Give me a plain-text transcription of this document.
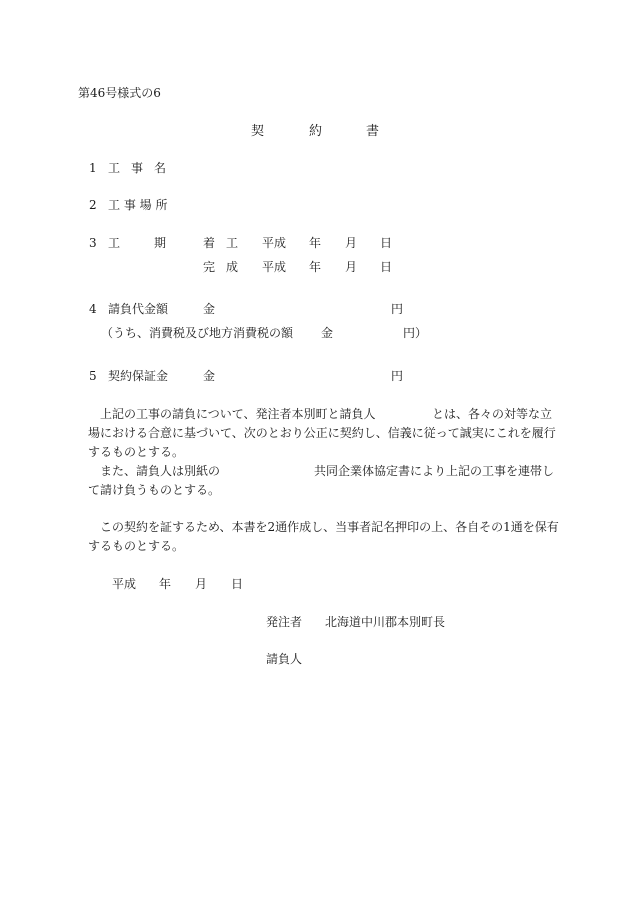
第46号様式の6
契	約	書
1 工 事 名
2 工 事 場 所
3 工	期	着 工 平成 年 月 日
完 成 平成 年 月 日
4 請負代金額	金	円
（うち、消費税及び地方消費税の額 金	円）
5 契約保証金	金	円
上記の工事の請負について、発注者本別町と請負人	とは、各々の対等な立
場における合意に基づいて、次のとおり公正に契約し、信義に従って誠実にこれを履行
するものとする。
また、請負人は別紙の	共同企業体協定書により上記の工事を連帯し
て請け負うものとする。
この契約を証するため、本書を2通作成し、当事者記名押印の上、各自その1通を保有
するものとする。
平成 年 月 日
発注者 北海道中川郡本別町長
請負人
